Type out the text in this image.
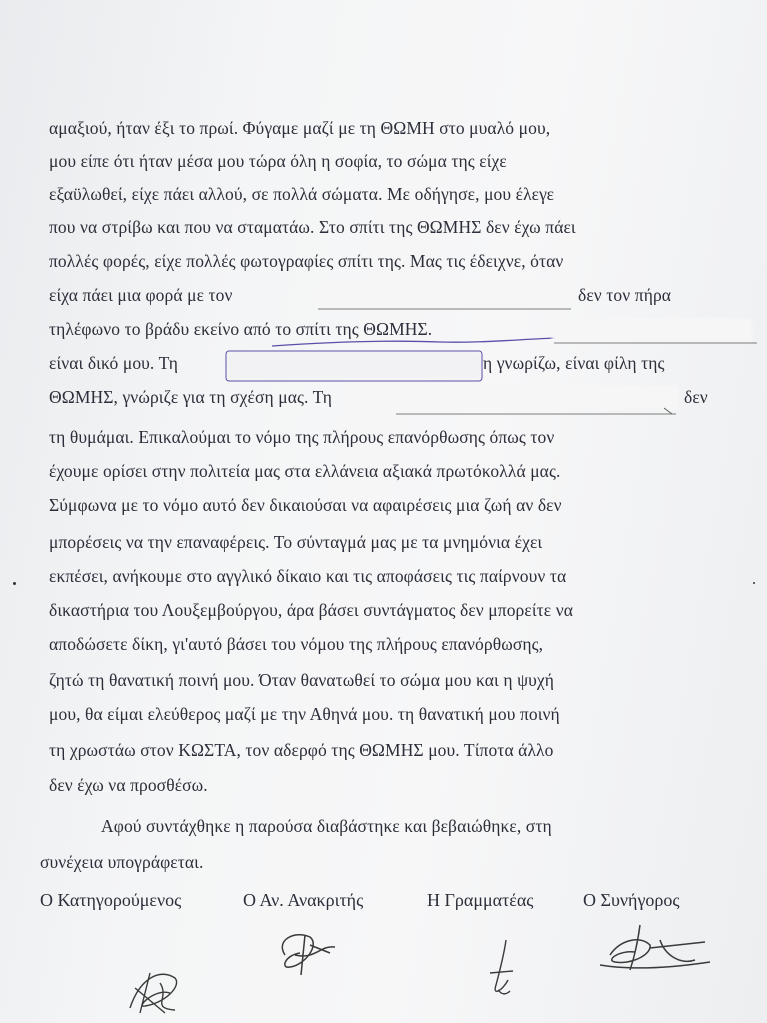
αμαξιού, ήταν έξι το πρωί. Φύγαμε μαζί με τη ΘΩΜΗ στο μυαλό μου,
μου είπε ότι ήταν μέσα μου τώρα όλη η σοφία, το σώμα της είχε
εξαϋλωθεί, είχε πάει αλλού, σε πολλά σώματα. Με οδήγησε, μου έλεγε
που να στρίβω και που να σταματάω. Στο σπίτι της ΘΩΜΗΣ δεν έχω πάει
πολλές φορές, είχε πολλές φωτογραφίες σπίτι της. Μας τις έδειχνε, όταν
είχα πάει μια φορά με τον	δεν τον πήρα
τηλέφωνο το βράδυ εκείνο από το σπίτι της ΘΩΜΗΣ.
είναι δικό μου. Τη	η γνωρίζω, είναι φίλη της
ΘΩΜΗΣ, γνώριζε για τη σχέση μας. Τη	δεν
τη θυμάμαι. Επικαλούμαι το νόμο της πλήρους επανόρθωσης όπως τον
έχουμε ορίσει στην πολιτεία μας στα ελλάνεια αξιακά πρωτόκολλά μας.
Σύμφωνα με το νόμο αυτό δεν δικαιούσαι να αφαιρέσεις μια ζωή αν δεν
μπορέσεις να την επαναφέρεις. Το σύνταγμά μας με τα μνημόνια έχει
εκπέσει, ανήκουμε στο αγγλικό δίκαιο και τις αποφάσεις τις παίρνουν τα
δικαστήρια του Λουξεμβούργου, άρα βάσει συντάγματος δεν μπορείτε να
αποδώσετε δίκη, γι'αυτό βάσει του νόμου της πλήρους επανόρθωσης,
ζητώ τη θανατική ποινή μου. Όταν θανατωθεί το σώμα μου και η ψυχή
μου, θα είμαι ελεύθερος μαζί με την Αθηνά μου. τη θανατική μου ποινή
τη χρωστάω στον ΚΩΣΤΑ, τον αδερφό της ΘΩΜΗΣ μου. Τίποτα άλλο
δεν έχω να προσθέσω.
Αφού συντάχθηκε η παρούσα διαβάστηκε και βεβαιώθηκε, στη
συνέχεια υπογράφεται.
Ο Κατηγορούμενος	Ο Αν. Ανακριτής	Η Γραμματέας	Ο Συνήγορος
